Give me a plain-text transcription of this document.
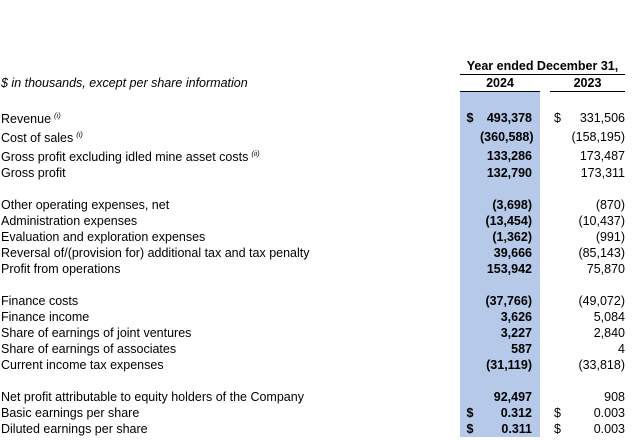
	Year ended December 31,					
$ in thousands, except per share information	2024			2023		

Revenue $^{(i)}$	$	493,378		$	331,506	
Cost of sales $^{(i)}$		(360,588)			(158,195)	
Gross profit excluding idled mine asset costs $^{(ii)}$		133,286			173,487	
Gross profit		132,790			173,311	

Other operating expenses, net		(3,698)			(870)	
Administration expenses		(13,454)			(10,437)	
Evaluation and exploration expenses		(1,362)			(991)	
Reversal of/(provision for) additional tax and tax penalty		39,666			(85,143)	
Profit from operations		153,942			75,870	

Finance costs		(37,766)			(49,072)	
Finance income		3,626			5,084	
Share of earnings of joint ventures		3,227			2,840	
Share of earnings of associates		587			4	
Current income tax expenses		(31,119)			(33,818)	

Net profit attributable to equity holders of the Company		92,497			908	
Basic earnings per share	$	0.312		$	0.003	
Diluted earnings per share	$	0.311		$	0.003	
